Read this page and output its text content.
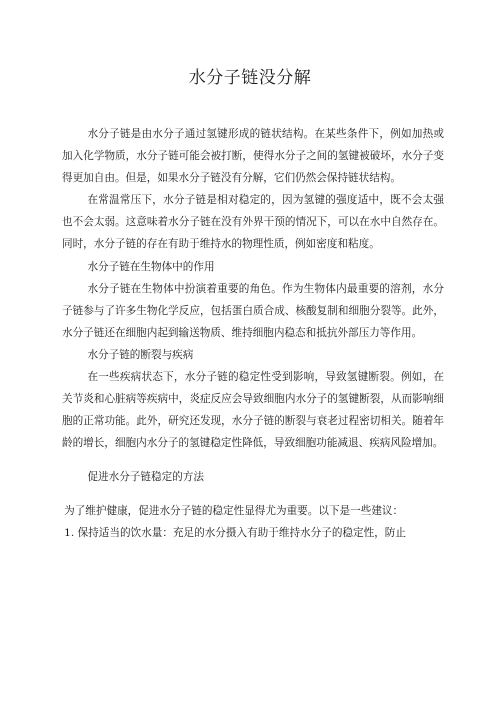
水分子链没分解

水分子链是由水分子通过氢键形成的链状结构。在某些条件下，例如加热或加入化学物质，水分子链可能会被打断，使得水分子之间的氢键被破坏，水分子变得更加自由。但是，如果水分子链没有分解，它们仍然会保持链状结构。

在常温常压下，水分子链是相对稳定的，因为氢键的强度适中，既不会太强也不会太弱。这意味着水分子链在没有外界干预的情况下，可以在水中自然存在。同时，水分子链的存在有助于维持水的物理性质，例如密度和粘度。

水分子链在生物体中的作用

水分子链在生物体中扮演着重要的角色。作为生物体内最重要的溶剂，水分子链参与了许多生物化学反应，包括蛋白质合成、核酸复制和细胞分裂等。此外，水分子链还在细胞内起到输送物质、维持细胞内稳态和抵抗外部压力等作用。

水分子链的断裂与疾病

在一些疾病状态下，水分子链的稳定性受到影响，导致氢键断裂。例如，在关节炎和心脏病等疾病中，炎症反应会导致细胞内水分子的氢键断裂，从而影响细胞的正常功能。此外，研究还发现，水分子链的断裂与衰老过程密切相关。随着年龄的增长，细胞内水分子的氢键稳定性降低，导致细胞功能减退、疾病风险增加。

促进水分子链稳定的方法

为了维护健康，促进水分子链的稳定性显得尤为重要。以下是一些建议：

1. 保持适当的饮水量：充足的水分摄入有助于维持水分子的稳定性，防止
